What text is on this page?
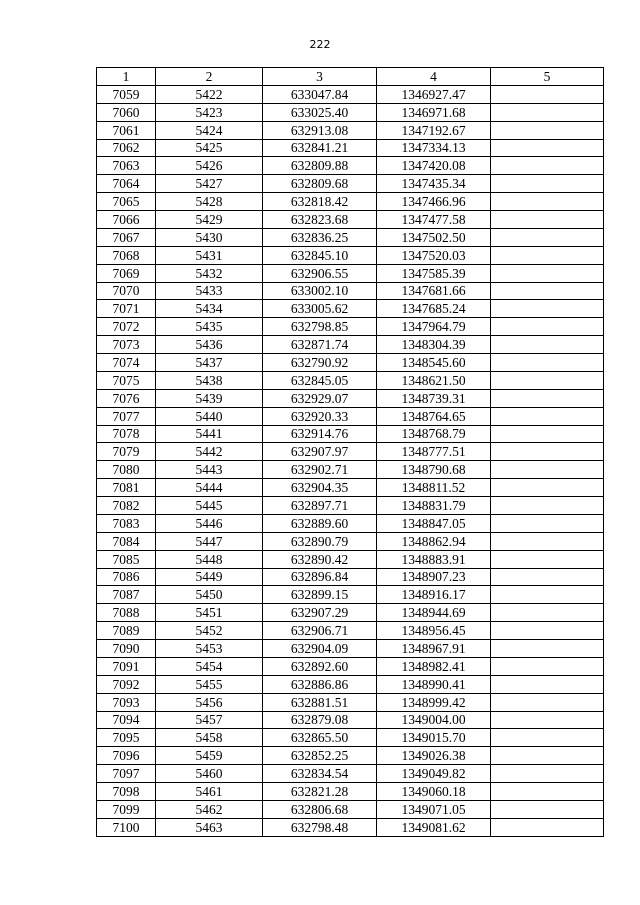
222
1	2	3	4	5
7059	5422	633047.84	1346927.47	
7060	5423	633025.40	1346971.68	
7061	5424	632913.08	1347192.67	
7062	5425	632841.21	1347334.13	
7063	5426	632809.88	1347420.08	
7064	5427	632809.68	1347435.34	
7065	5428	632818.42	1347466.96	
7066	5429	632823.68	1347477.58	
7067	5430	632836.25	1347502.50	
7068	5431	632845.10	1347520.03	
7069	5432	632906.55	1347585.39	
7070	5433	633002.10	1347681.66	
7071	5434	633005.62	1347685.24	
7072	5435	632798.85	1347964.79	
7073	5436	632871.74	1348304.39	
7074	5437	632790.92	1348545.60	
7075	5438	632845.05	1348621.50	
7076	5439	632929.07	1348739.31	
7077	5440	632920.33	1348764.65	
7078	5441	632914.76	1348768.79	
7079	5442	632907.97	1348777.51	
7080	5443	632902.71	1348790.68	
7081	5444	632904.35	1348811.52	
7082	5445	632897.71	1348831.79	
7083	5446	632889.60	1348847.05	
7084	5447	632890.79	1348862.94	
7085	5448	632890.42	1348883.91	
7086	5449	632896.84	1348907.23	
7087	5450	632899.15	1348916.17	
7088	5451	632907.29	1348944.69	
7089	5452	632906.71	1348956.45	
7090	5453	632904.09	1348967.91	
7091	5454	632892.60	1348982.41	
7092	5455	632886.86	1348990.41	
7093	5456	632881.51	1348999.42	
7094	5457	632879.08	1349004.00	
7095	5458	632865.50	1349015.70	
7096	5459	632852.25	1349026.38	
7097	5460	632834.54	1349049.82	
7098	5461	632821.28	1349060.18	
7099	5462	632806.68	1349071.05	
7100	5463	632798.48	1349081.62	
